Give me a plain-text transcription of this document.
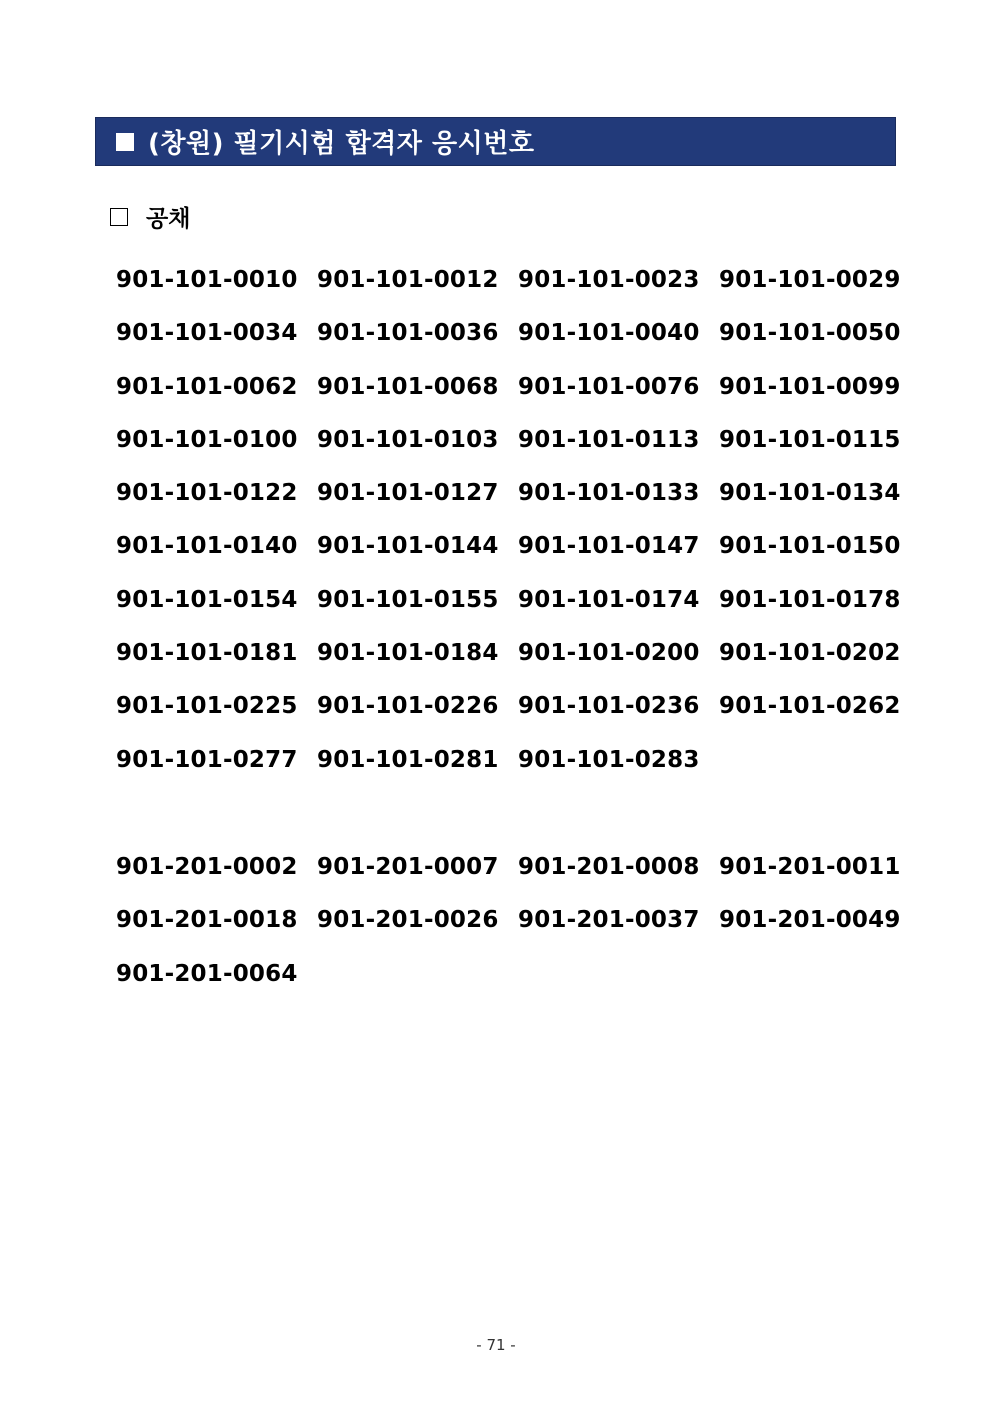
(창원) 필기시험 합격자 응시번호
공채
901-101-0010 901-101-0012 901-101-0023 901-101-0029
901-101-0034 901-101-0036 901-101-0040 901-101-0050
901-101-0062 901-101-0068 901-101-0076 901-101-0099
901-101-0100 901-101-0103 901-101-0113 901-101-0115
901-101-0122 901-101-0127 901-101-0133 901-101-0134
901-101-0140 901-101-0144 901-101-0147 901-101-0150
901-101-0154 901-101-0155 901-101-0174 901-101-0178
901-101-0181 901-101-0184 901-101-0200 901-101-0202
901-101-0225 901-101-0226 901-101-0236 901-101-0262
901-101-0277 901-101-0281 901-101-0283
901-201-0002 901-201-0007 901-201-0008 901-201-0011
901-201-0018 901-201-0026 901-201-0037 901-201-0049
901-201-0064
- 71 -
